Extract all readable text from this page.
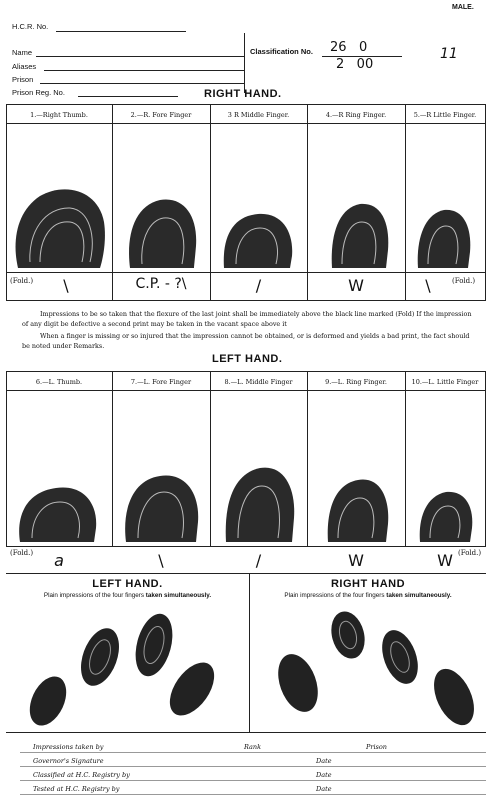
MALE.
H.C.R. No.
Name
Aliases
Prison
Prison Reg. No.
Classification No. 26   0
2   00
11
RIGHT HAND.
1.—Right Thumb.	2.—R. Fore Finger	3 R Middle Finger.	4.—R Ring Finger.	5.—R Little Finger.
(Fold.)	(Fold.)
\	C.P. - ?\	/	W	\
Impressions to be so taken that the flexure of the last joint shall be immediately above the black line marked (Fold) If the impression of any digit be defective a second print may be taken in the vacant space above it
When a finger is missing or so injured that the impression cannot be obtained, or is deformed and yields a bad print, the fact should be noted under Remarks.
LEFT HAND.
6.—L. Thumb.	7.—L. Fore Finger	8.—L. Middle Finger	9.—L. Ring Finger.	10.—L. Little Finger
(Fold.)	(Fold.)
a	\	/	W	W
LEFT HAND.
Plain impressions of the four fingers taken simultaneously.
RIGHT HAND
Plain impressions of the four fingers taken simultaneously.
Impressions taken by	Rank	Prison
Governor's Signature	Date
Classified at H.C. Registry by	Date
Tested at H.C. Registry by	Date
